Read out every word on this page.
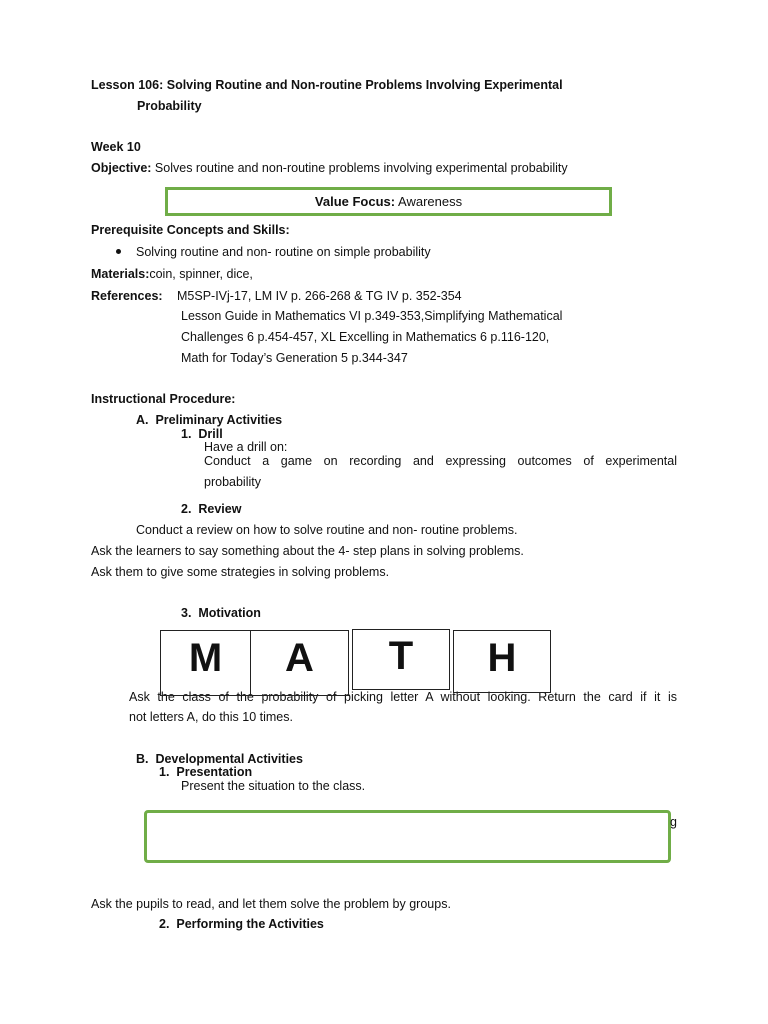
Lesson 106: Solving Routine and Non-routine Problems Involving Experimental
Probability
Week 10
Objective: Solves routine and non-routine problems involving experimental probability
Value Focus: Awareness
Prerequisite Concepts and Skills:
Solving routine and non- routine on simple probability
Materials:coin, spinner, dice,
References: M5SP-IVj-17, LM IV p. 266-268 & TG IV p. 352-354
Lesson Guide in Mathematics VI p.349-353,Simplifying Mathematical
Challenges 6 p.454-457, XL Excelling in Mathematics 6 p.116-120,
Math for Today’s Generation 5 p.344-347
Instructional Procedure:
A.  Preliminary Activities
1.  Drill
Have a drill on:
Conduct a game on recording and expressing outcomes of experimental
probability
2.  Review
Conduct a review on how to solve routine and non- routine problems.
Ask the learners to say something about the 4- step plans in solving problems.
Ask them to give some strategies in solving problems.
3.  Motivation
Ask the class of the probability of picking letter A without looking. Return the card if it is
not letters A, do this 10 times.
M	A	T	H
B.  Developmental Activities
1.  Presentation
Present the situation to the class.
g
Ask the pupils to read, and let them solve the problem by groups.
2.  Performing the Activities
